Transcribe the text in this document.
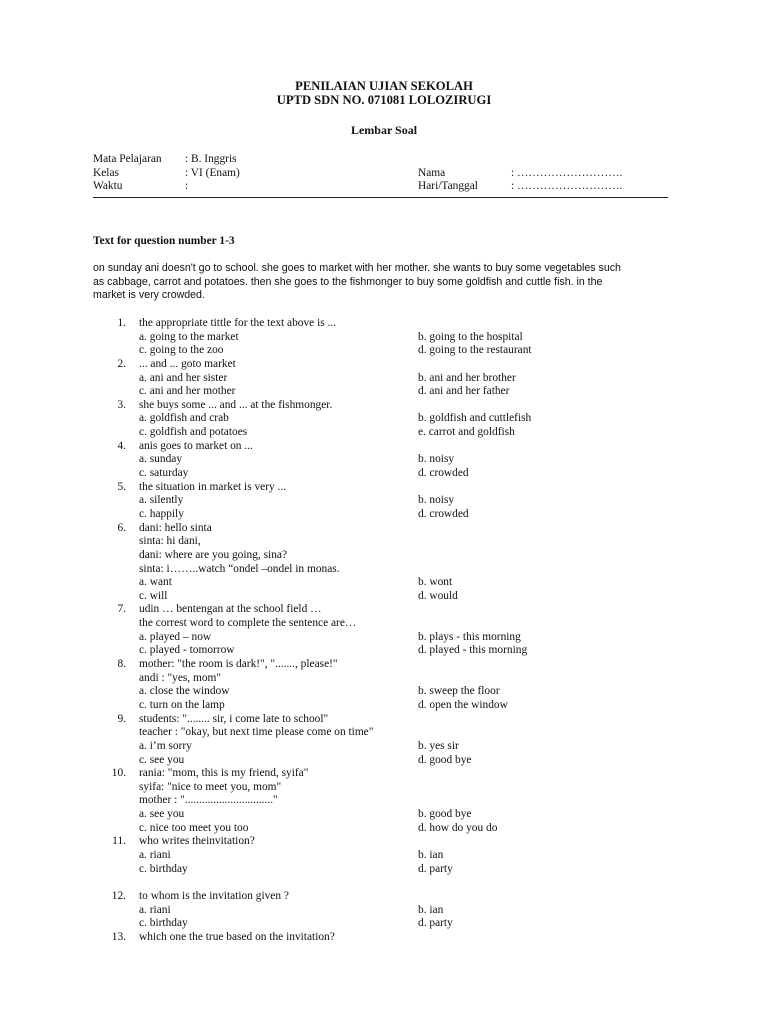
PENILAIAN UJIAN SEKOLAH
UPTD SDN NO. 071081 LOLOZIRUGI
Lembar Soal
Mata Pelajaran : B. Inggris
Kelas	: VI (Enam)	Nama	: ……………………….
Waktu	:	Hari/Tanggal	: ……………………….
Text for question number 1-3
on sunday ani doesn't go to school. she goes to market with her mother. she wants to buy some vegetables such
as cabbage, carrot and potatoes. then she goes to the fishmonger to buy some goldfish and cuttle fish. in the
market is very crowded.
1. the appropriate tittle for the text above is ...
a. going to the market	b. going to the hospital
c. going to the zoo	d. going to the restaurant
2. ... and ... goto market
a. ani and her sister	b. ani and her brother
c. ani and her mother	d. ani and her father
3. she buys some ... and ... at the fishmonger.
a. goldfish and crab	b. goldfish and cuttlefish
c. goldfish and potatoes	e. carrot and goldfish
4. anis goes to market on ...
a. sunday	b. noisy
c. saturday	d. crowded
5. the situation in market is very ...
a. silently	b. noisy
c. happily	d. crowded
6. dani: hello sinta
sinta: hi dani,
dani: where are you going, sina?
sinta: i……..watch “ondel –ondel in monas.
a. want	b. wont
c. will	d. would
7. udin … bentengan at the school field …
the correst word to complete the sentence are…
a. played – now	b. plays - this morning
c. played - tomorrow	d. played - this morning
8. mother: "the room is dark!", "......., please!"
andi : "yes, mom"
a. close the window	b. sweep the floor
c. turn on the lamp	d. open the window
9. students: "........ sir, i come late to school"
teacher : "okay, but next time please come on time"
a. i’m sorry	b. yes sir
c. see you	d. good bye
10. rania: "mom, this is my friend, syifa"
syifa: "nice to meet you, mom"
mother : "..............................."
a. see you	b. good bye
c. nice too meet you too	d. how do you do
11. who writes theinvitation?
a. riani	b. ian
c. birthday	d. party
12. to whom is the invitation given ?
a. riani	b. ian
c. birthday	d. party
13. which one the true based on the invitation?
